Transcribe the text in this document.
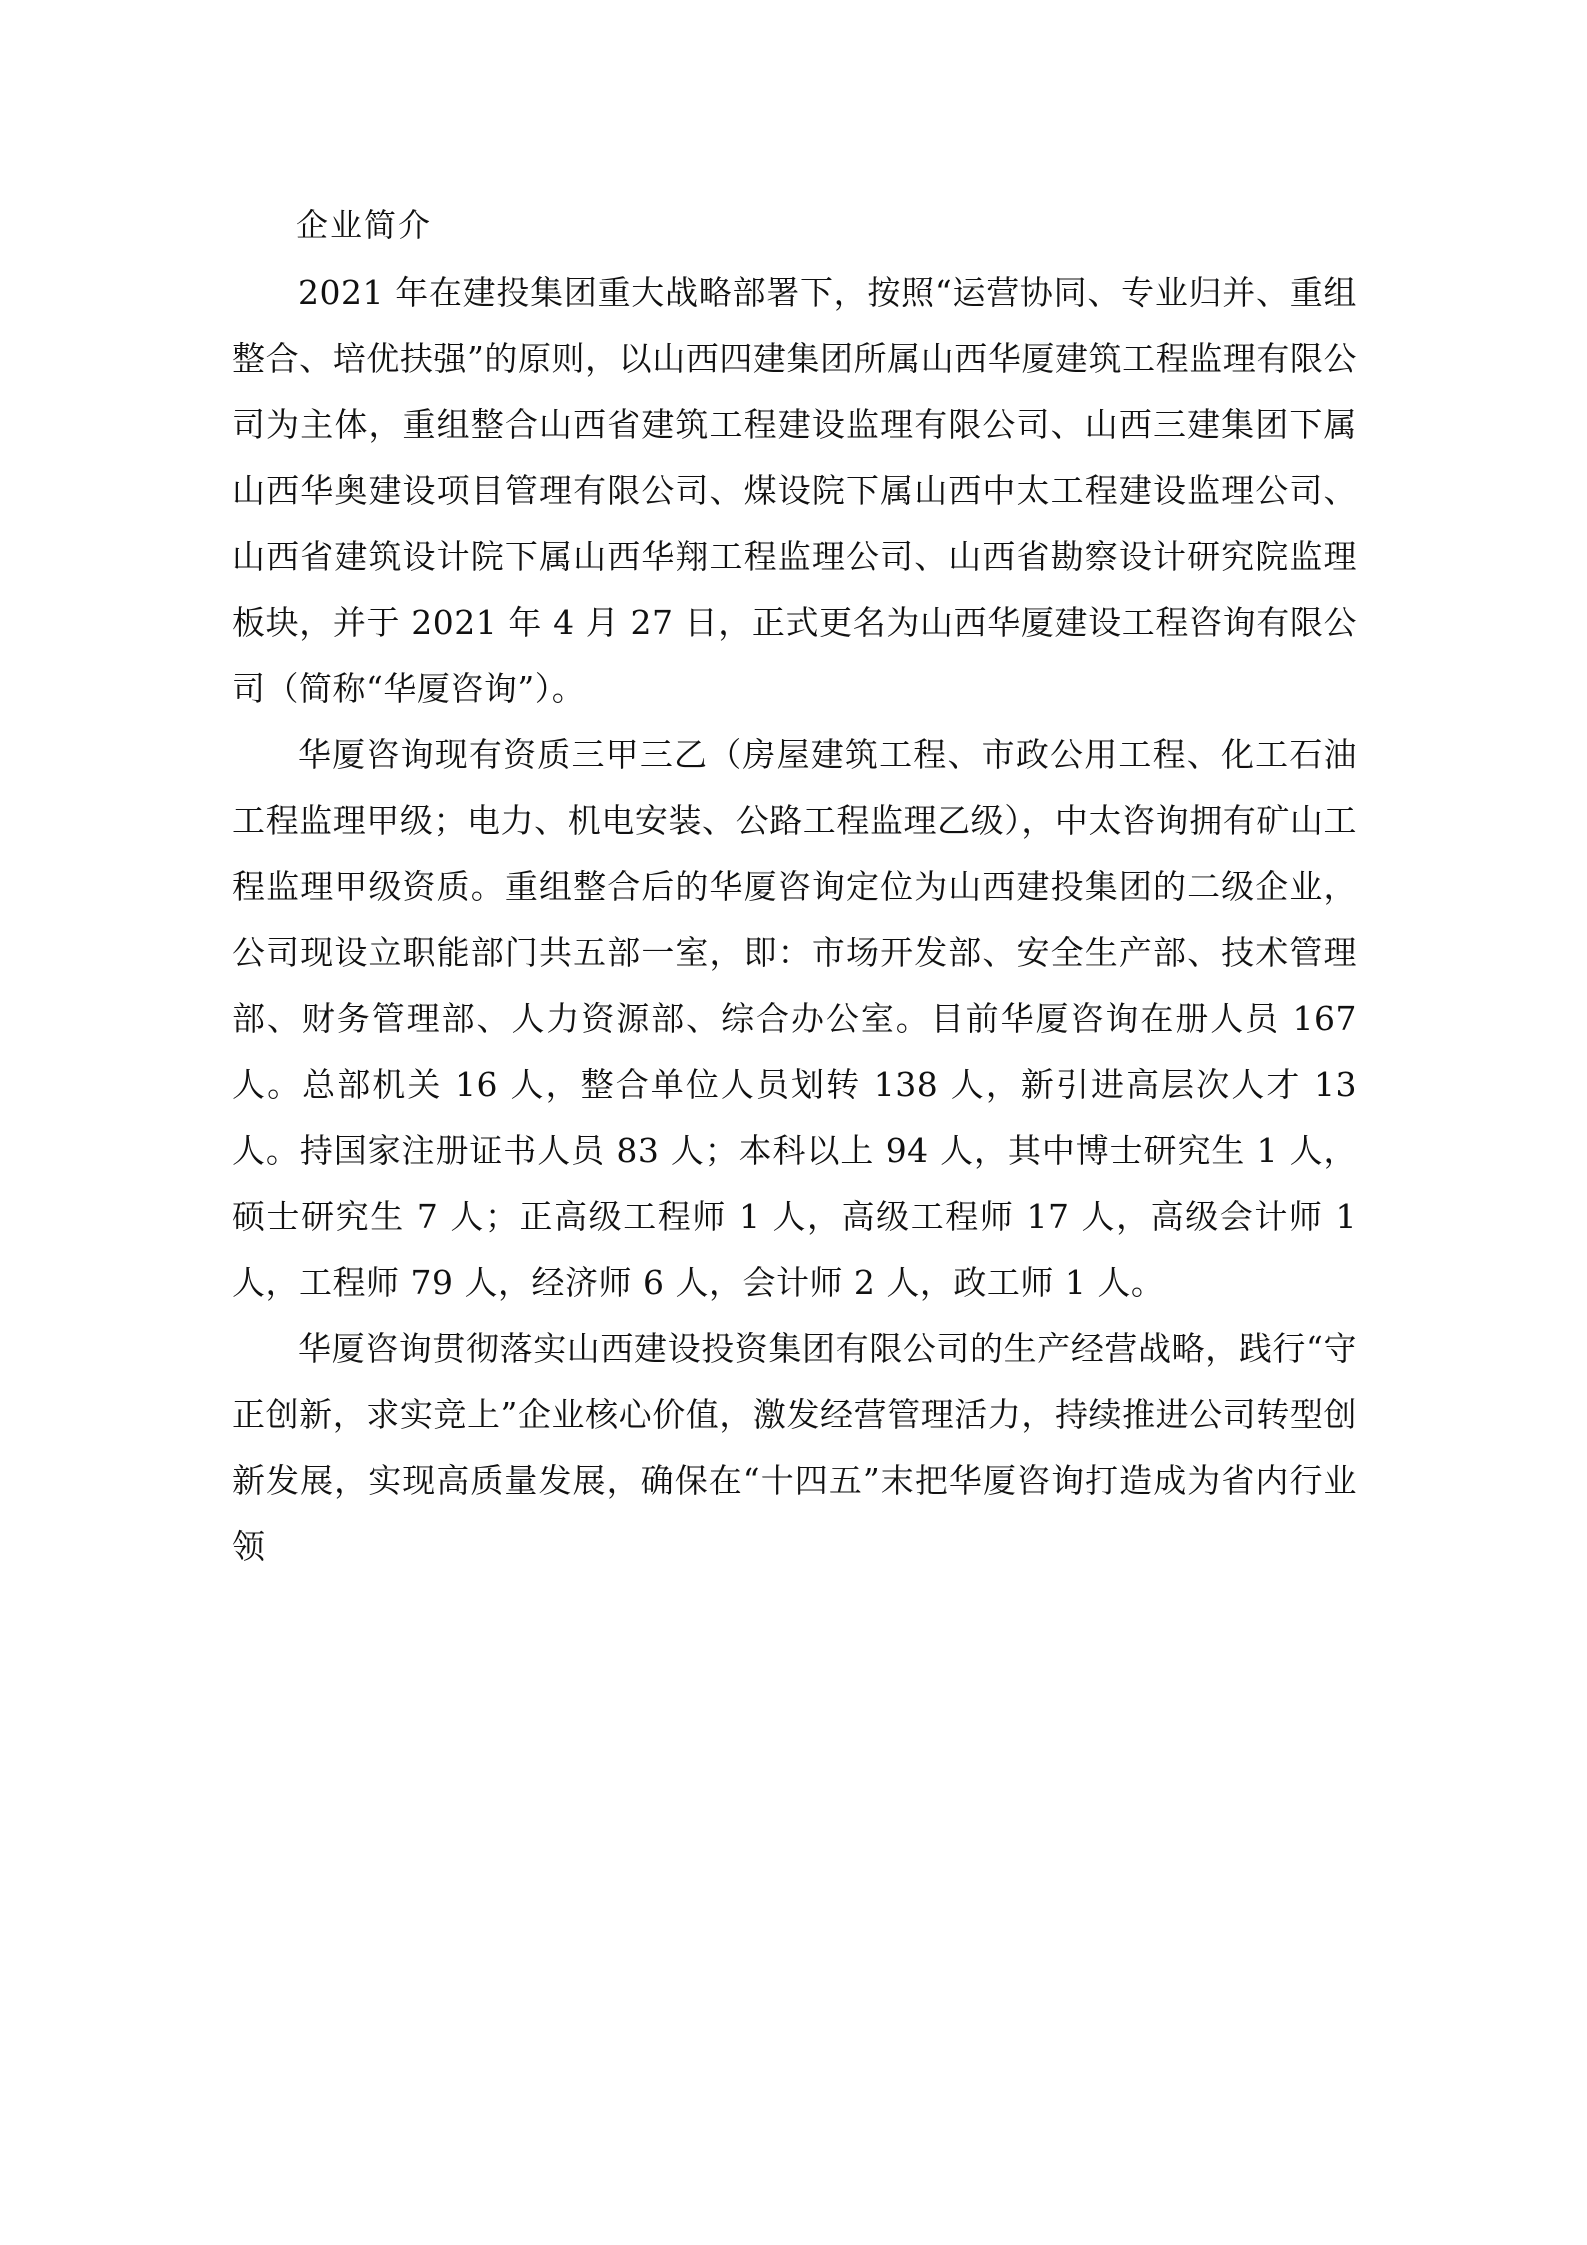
企业简介

2021 年在建投集团重大战略部署下，按照“运营协同、专业归并、重组整合、培优扶强”的原则，以山西四建集团所属山西华厦建筑工程监理有限公司为主体，重组整合山西省建筑工程建设监理有限公司、山西三建集团下属山西华奥建设项目管理有限公司、煤设院下属山西中太工程建设监理公司、山西省建筑设计院下属山西华翔工程监理公司、山西省勘察设计研究院监理板块，并于 2021 年 4 月 27 日，正式更名为山西华厦建设工程咨询有限公司（简称“华厦咨询”）。

华厦咨询现有资质三甲三乙（房屋建筑工程、市政公用工程、化工石油工程监理甲级；电力、机电安装、公路工程监理乙级），中太咨询拥有矿山工程监理甲级资质。重组整合后的华厦咨询定位为山西建投集团的二级企业，公司现设立职能部门共五部一室，即：市场开发部、安全生产部、技术管理部、财务管理部、人力资源部、综合办公室。目前华厦咨询在册人员 167 人。总部机关 16 人，整合单位人员划转 138 人，新引进高层次人才 13 人。持国家注册证书人员 83 人；本科以上 94 人，其中博士研究生 1 人，硕士研究生 7 人；正高级工程师 1 人，高级工程师 17 人，高级会计师 1 人，工程师 79 人，经济师 6 人，会计师 2 人，政工师 1 人。

华厦咨询贯彻落实山西建设投资集团有限公司的生产经营战略，践行“守正创新，求实竞上”企业核心价值，激发经营管理活力，持续推进公司转型创新发展，实现高质量发展，确保在“十四五”末把华厦咨询打造成为省内行业领
